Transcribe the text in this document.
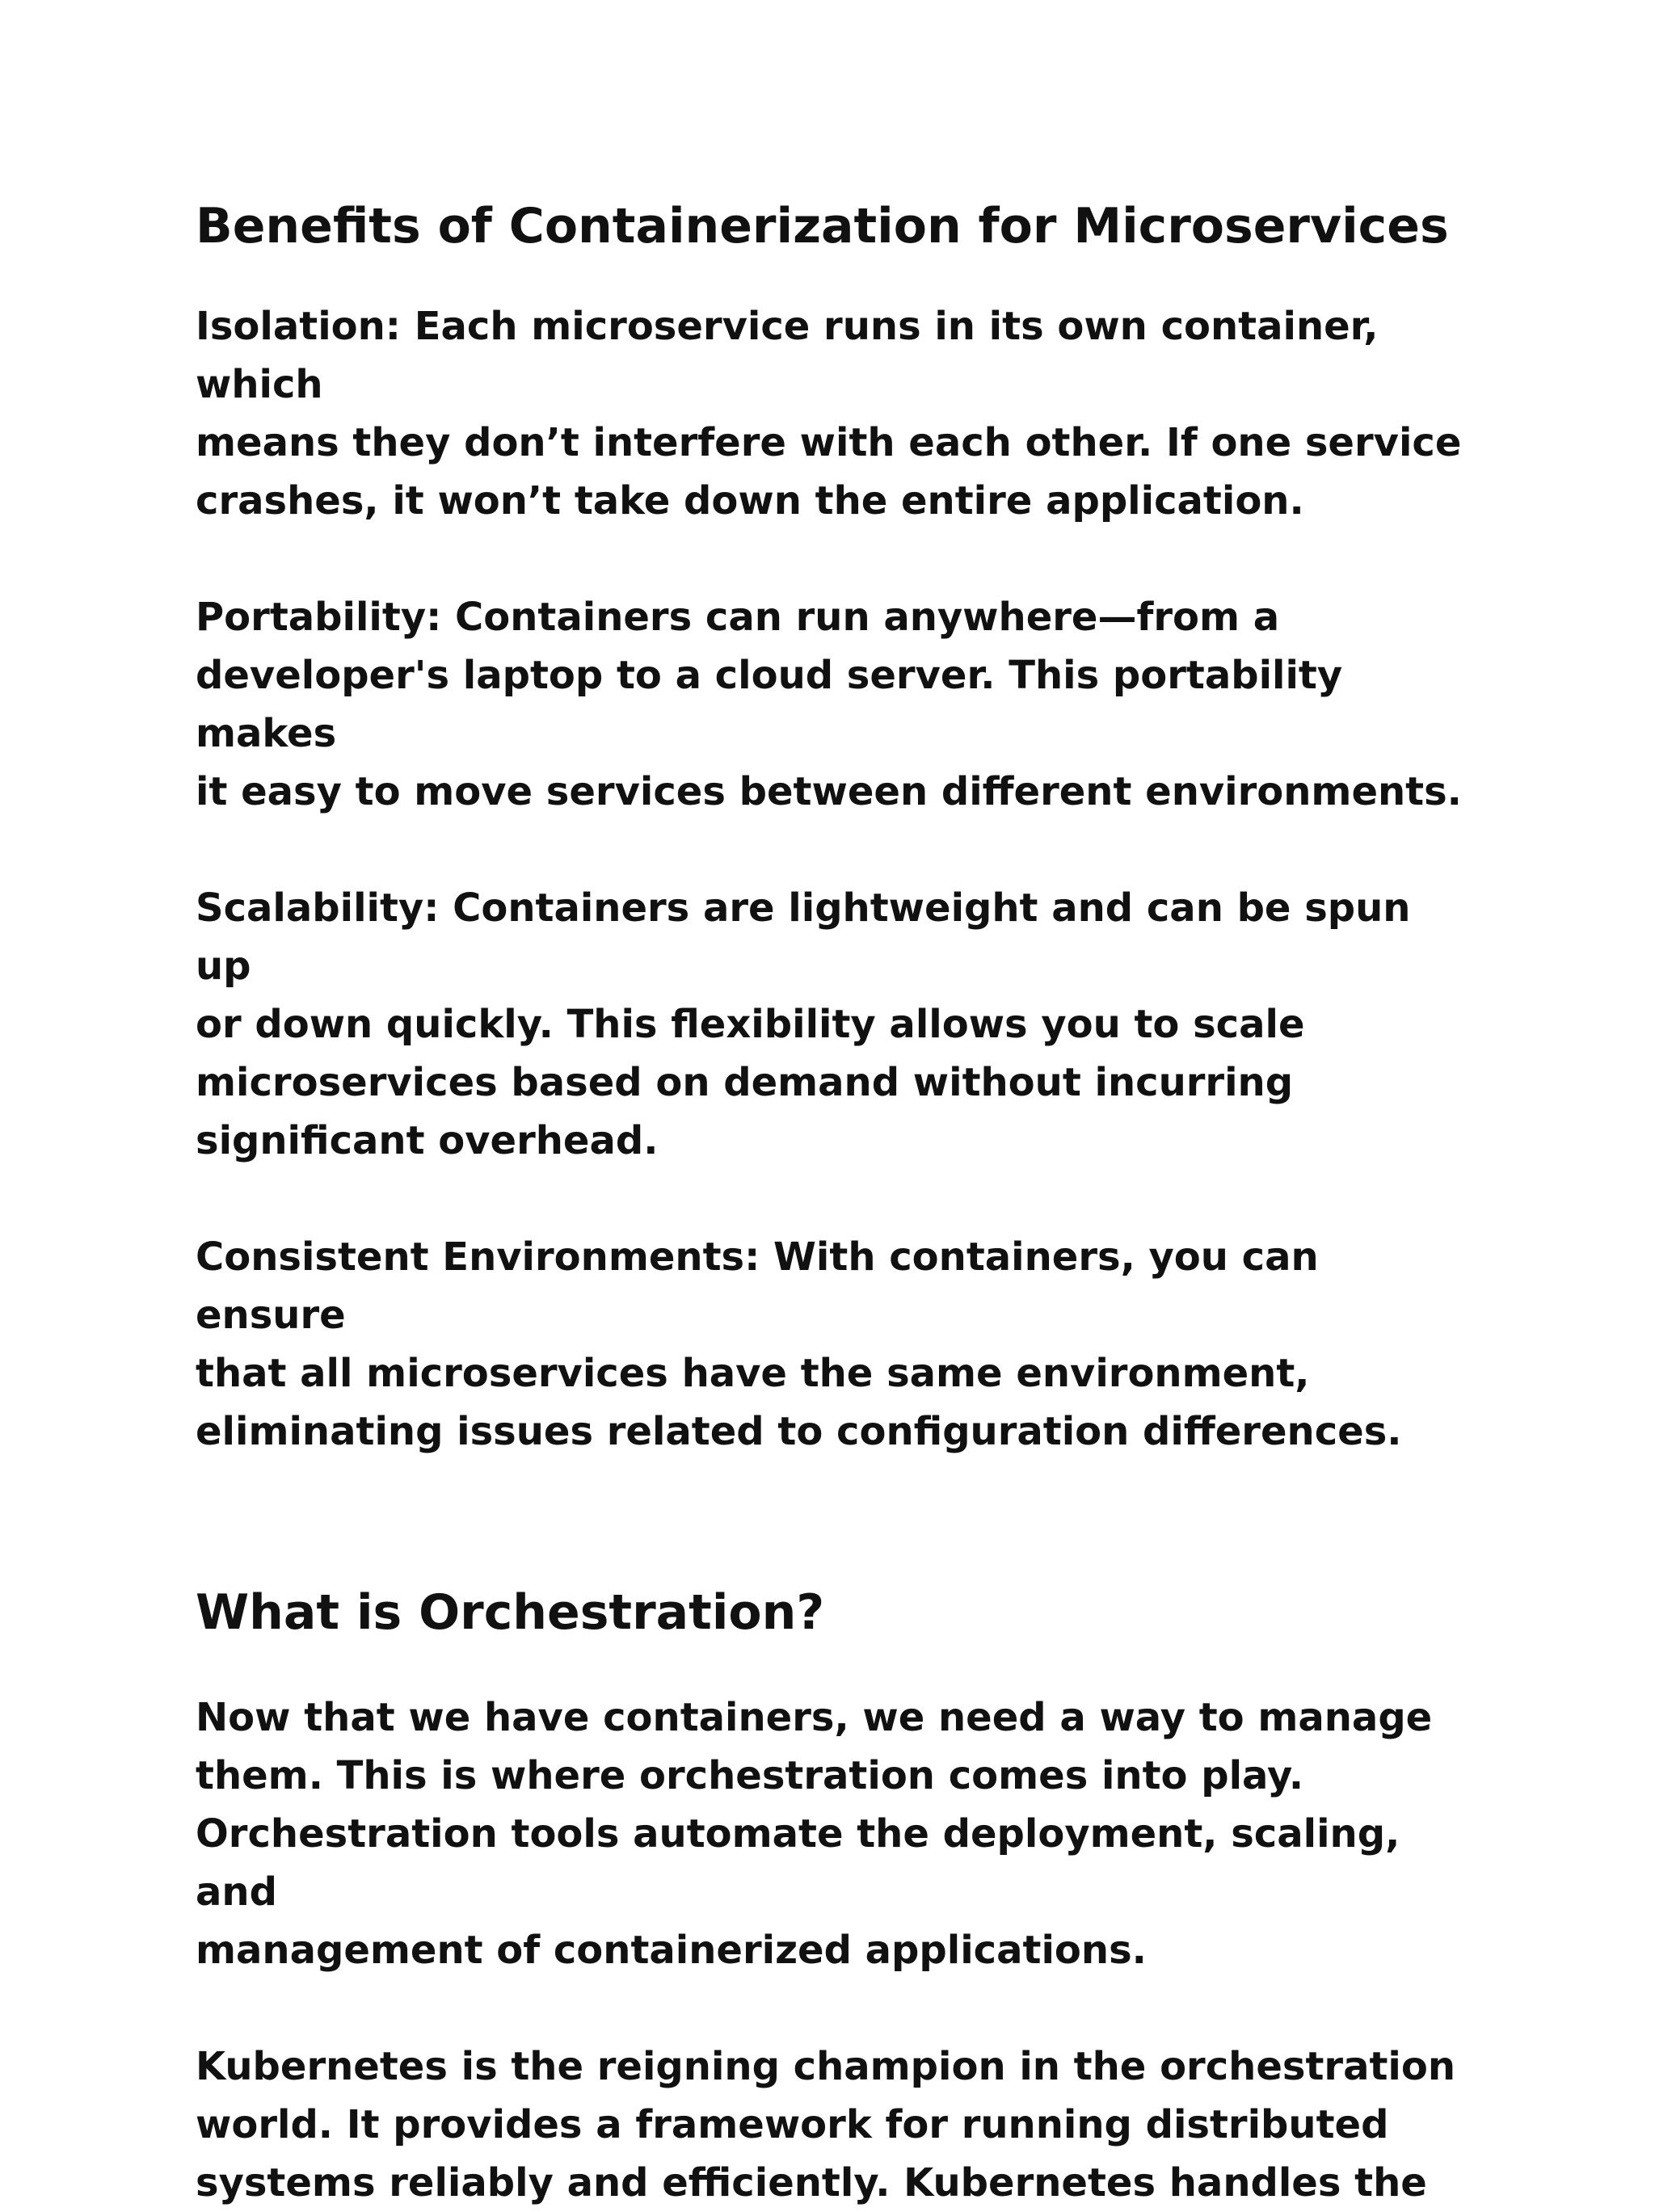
Benefits of Containerization for Microservices

Isolation: Each microservice runs in its own container, which
means they don’t interfere with each other. If one service
crashes, it won’t take down the entire application.

Portability: Containers can run anywhere—from a
developer's laptop to a cloud server. This portability makes
it easy to move services between different environments.

Scalability: Containers are lightweight and can be spun up
or down quickly. This flexibility allows you to scale
microservices based on demand without incurring
significant overhead.

Consistent Environments: With containers, you can ensure
that all microservices have the same environment,
eliminating issues related to configuration differences.

What is Orchestration?

Now that we have containers, we need a way to manage
them. This is where orchestration comes into play.
Orchestration tools automate the deployment, scaling, and
management of containerized applications.

Kubernetes is the reigning champion in the orchestration
world. It provides a framework for running distributed
systems reliably and efficiently. Kubernetes handles the
